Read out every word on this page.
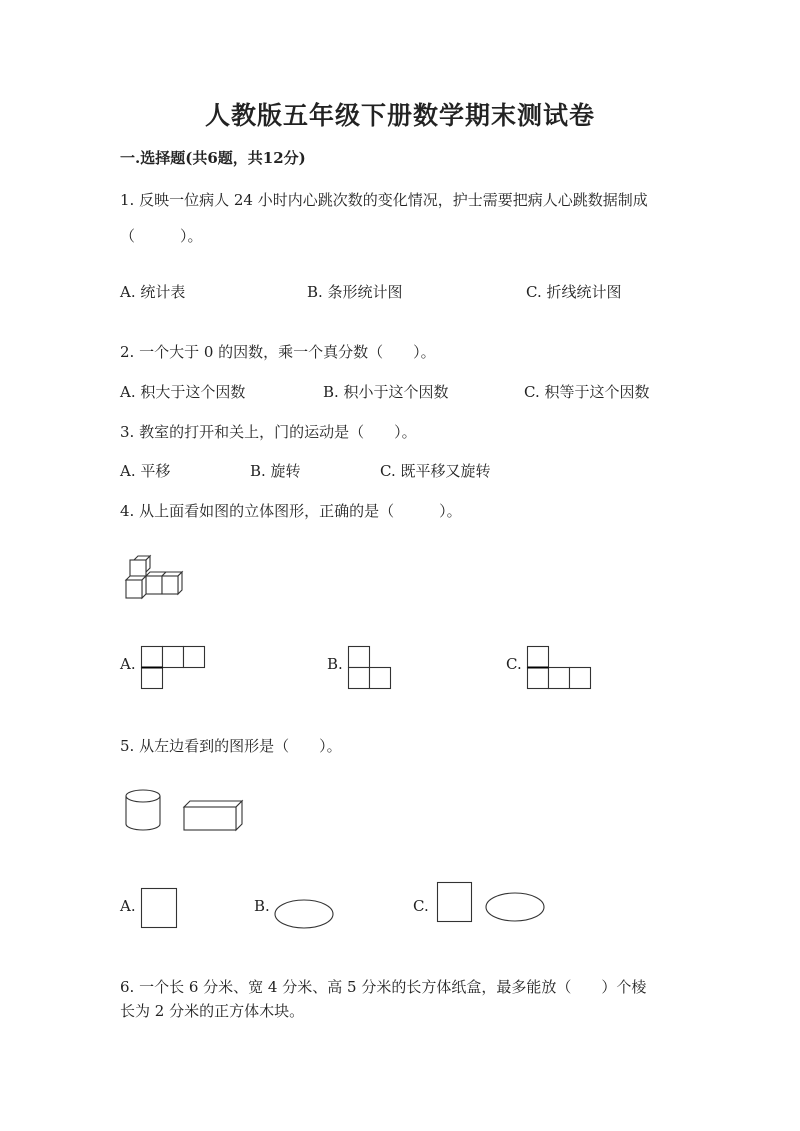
人教版五年级下册数学期末测试卷
一.选择题(共6题，共12分)
1. 反映一位病人 24 小时内心跳次数的变化情况，护士需要把病人心跳数据制成
（　　　）。
A. 统计表	B. 条形统计图	C. 折线统计图
2. 一个大于 0 的因数，乘一个真分数（　　）。
A. 积大于这个因数	B. 积小于这个因数	C. 积等于这个因数
3. 教室的打开和关上，门的运动是（　　）。
A. 平移	B. 旋转	C. 既平移又旋转
4. 从上面看如图的立体图形，正确的是（　　　）。
A.	B.	C.
5. 从左边看到的图形是（　　）。
A.	B.	C.
6. 一个长 6 分米、宽 4 分米、高 5 分米的长方体纸盒，最多能放（　　）个棱
长为 2 分米的正方体木块。
